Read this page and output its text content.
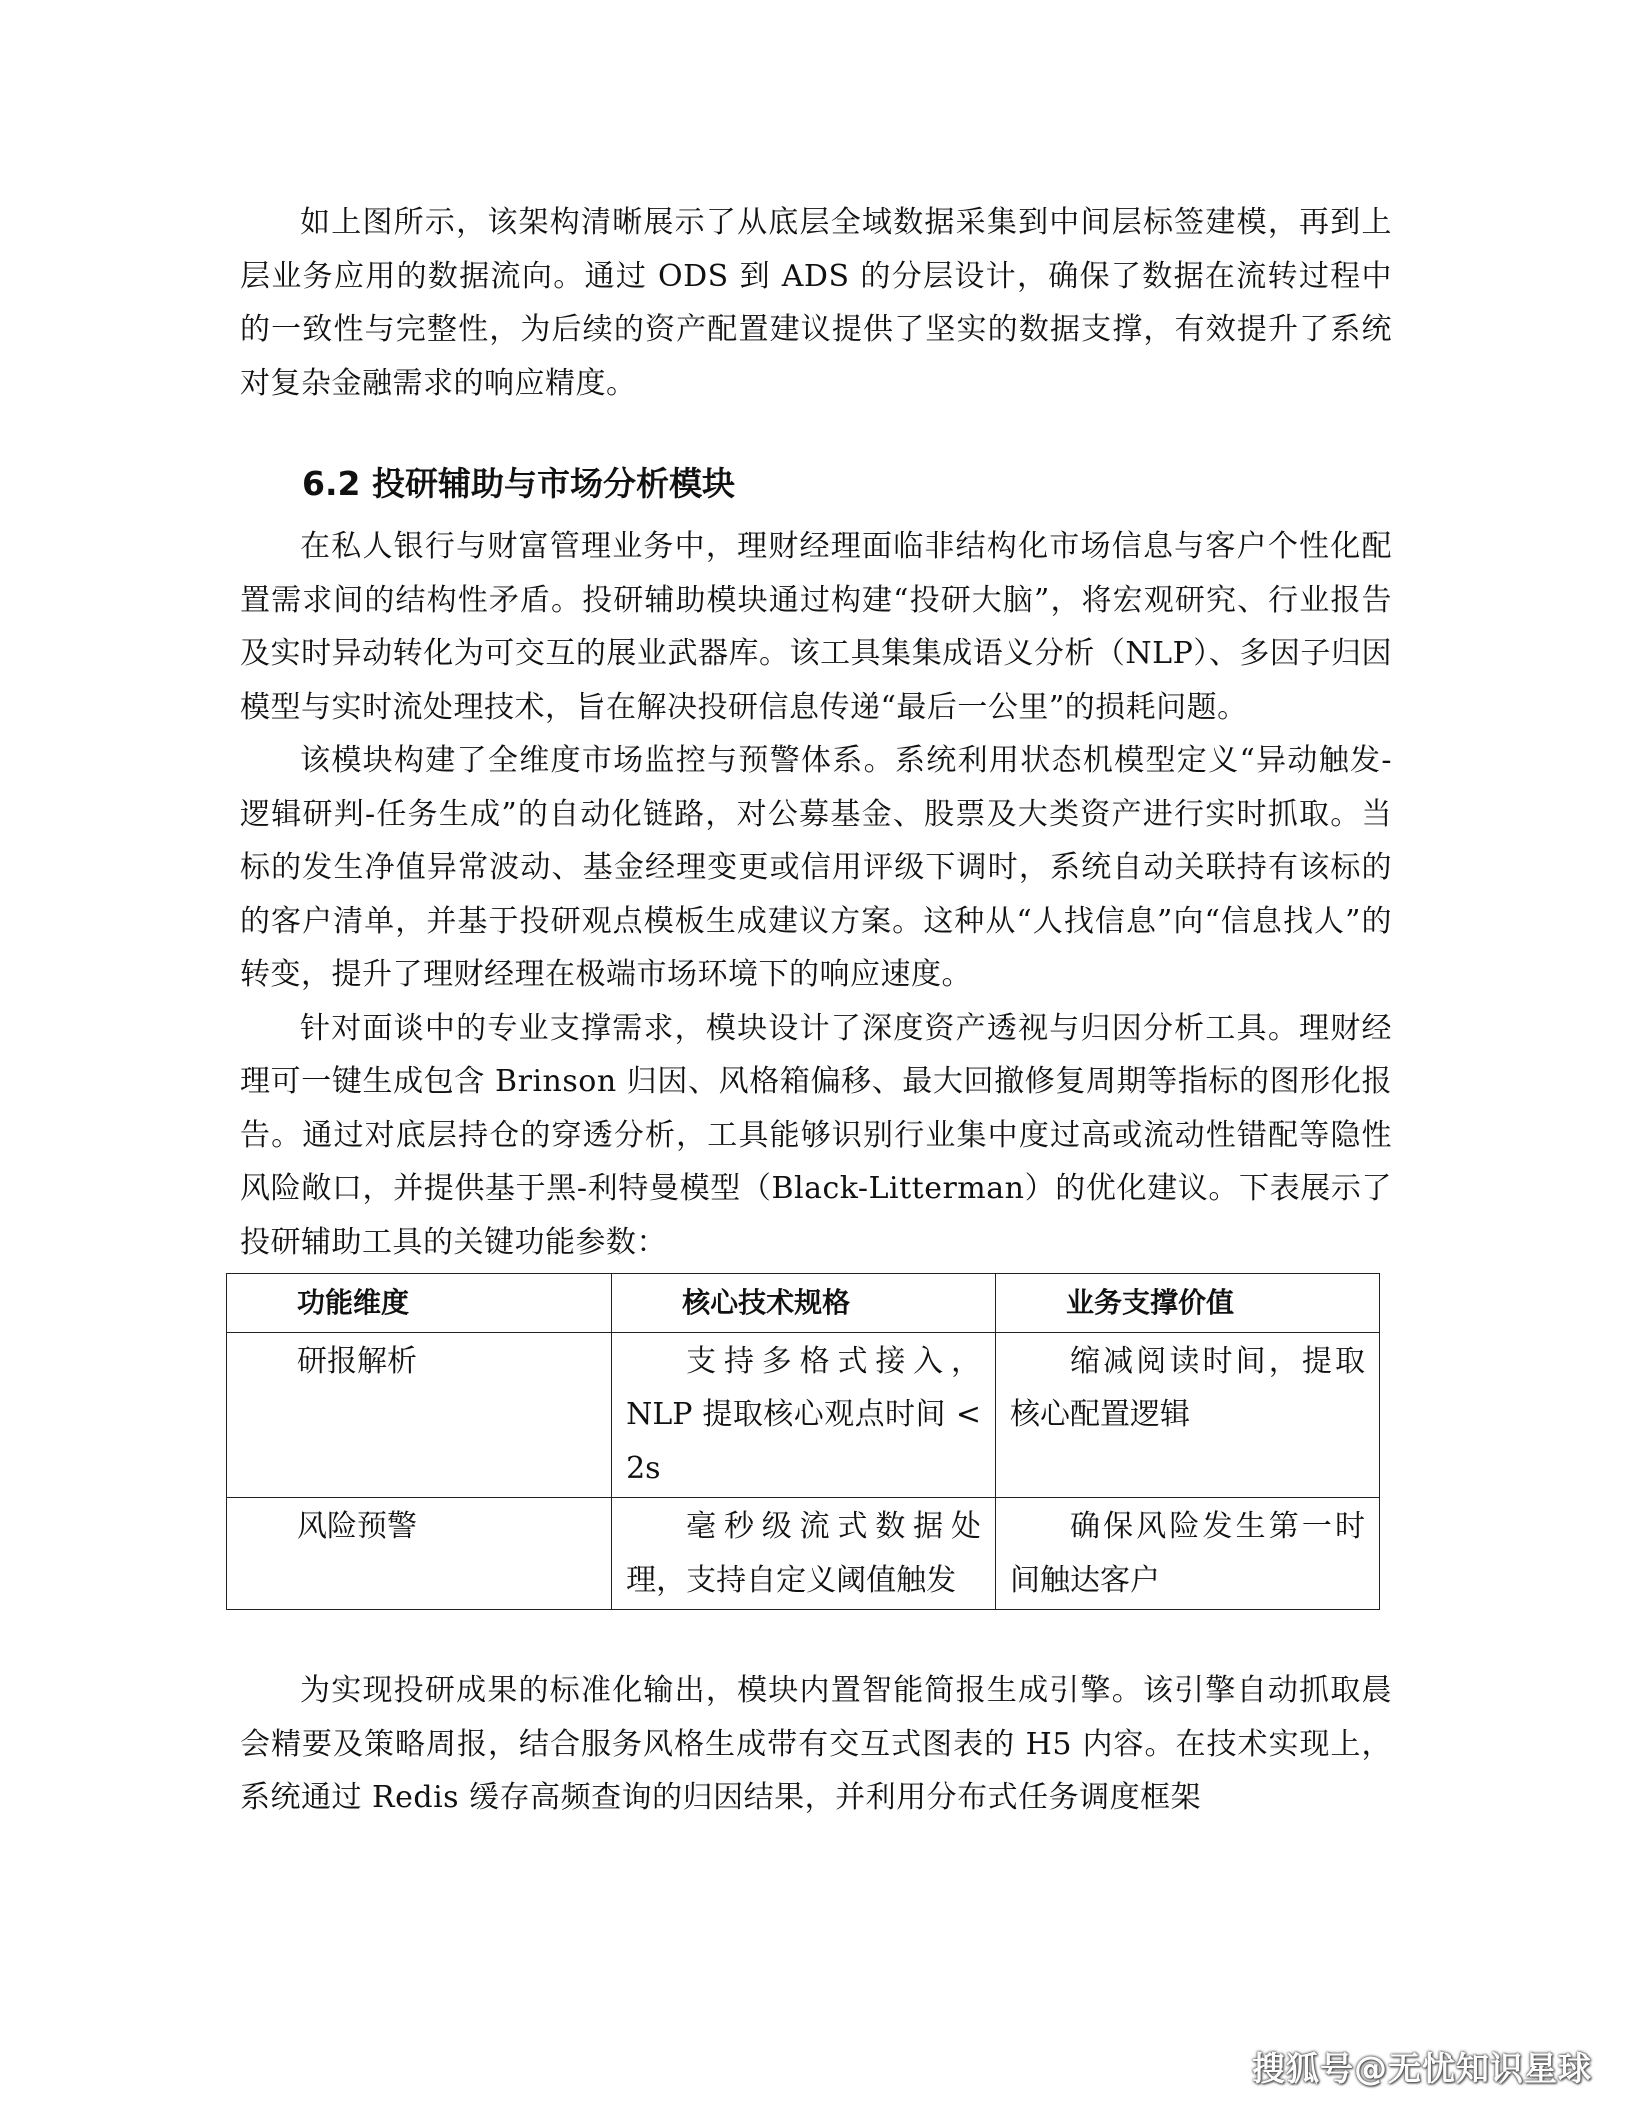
如上图所示，该架构清晰展示了从底层全域数据采集到中间层标签建模，再到上层业务应用的数据流向。通过 ODS 到 ADS 的分层设计，确保了数据在流转过程中的一致性与完整性，为后续的资产配置建议提供了坚实的数据支撑，有效提升了系统对复杂金融需求的响应精度。

6.2 投研辅助与市场分析模块

在私人银行与财富管理业务中，理财经理面临非结构化市场信息与客户个性化配置需求间的结构性矛盾。投研辅助模块通过构建“投研大脑”，将宏观研究、行业报告及实时异动转化为可交互的展业武器库。该工具集集成语义分析（NLP）、多因子归因模型与实时流处理技术，旨在解决投研信息传递“最后一公里”的损耗问题。

该模块构建了全维度市场监控与预警体系。系统利用状态机模型定义“异动触发-逻辑研判-任务生成”的自动化链路，对公募基金、股票及大类资产进行实时抓取。当标的发生净值异常波动、基金经理变更或信用评级下调时，系统自动关联持有该标的的客户清单，并基于投研观点模板生成建议方案。这种从“人找信息”向“信息找人”的转变，提升了理财经理在极端市场环境下的响应速度。

针对面谈中的专业支撑需求，模块设计了深度资产透视与归因分析工具。理财经理可一键生成包含 Brinson 归因、风格箱偏移、最大回撤修复周期等指标的图形化报告。通过对底层持仓的穿透分析，工具能够识别行业集中度过高或流动性错配等隐性风险敞口，并提供基于黑-利特曼模型（Black-Litterman）的优化建议。下表展示了投研辅助工具的关键功能参数：

功能维度	核心技术规格	业务支撑价值
研报解析	支持多格式接入，NLP 提取核心观点时间 < 2s	缩减阅读时间，提取核心配置逻辑
风险预警	毫秒级流式数据处理，支持自定义阈值触发	确保风险发生第一时间触达客户

为实现投研成果的标准化输出，模块内置智能简报生成引擎。该引擎自动抓取晨会精要及策略周报，结合服务风格生成带有交互式图表的 H5 内容。在技术实现上，系统通过 Redis 缓存高频查询的归因结果，并利用分布式任务调度框架

搜狐号@无忧知识星球
